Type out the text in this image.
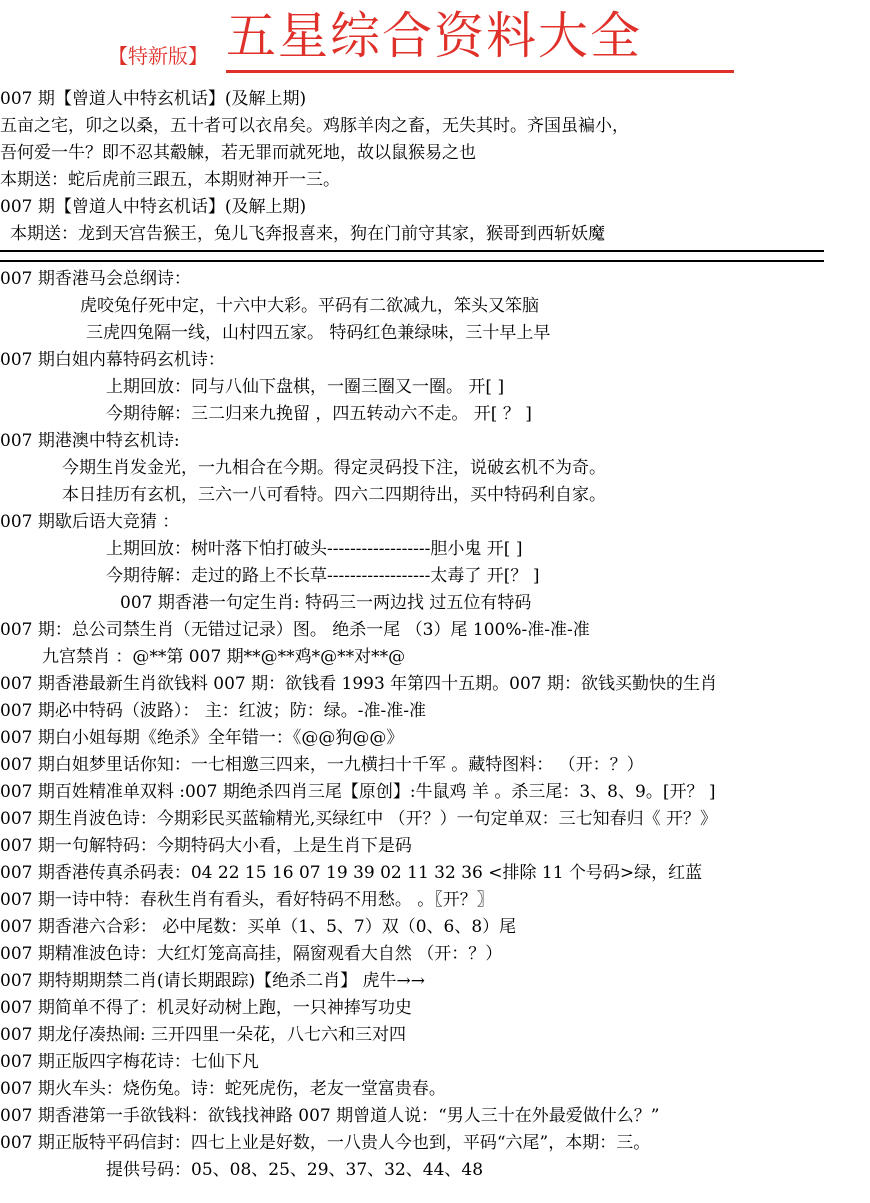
【特新版】 五星综合资料大全
007 期【曾道人中特玄机话】(及解上期)
五亩之宅，卯之以桑，五十者可以衣帛矣。鸡豚羊肉之畜，无失其时。齐国虽褊小，
吾何爱一牛？即不忍其觳觫，若无罪而就死地，故以鼠猴易之也
本期送：蛇后虎前三跟五，本期财神开一三。
007 期【曾道人中特玄机话】(及解上期)
本期送：龙到天宫告猴王，兔儿飞奔报喜来，狗在门前守其家，猴哥到西斩妖魔
007 期香港马会总纲诗：
虎咬兔仔死中定，十六中大彩。平码有二欲减九，笨头又笨脑
三虎四兔隔一线，山村四五家。 特码红色兼绿味，三十早上早
007 期白姐内幕特码玄机诗：
上期回放：同与八仙下盘棋，一圈三圈又一圈。 开[ ]
今期待解：三二归来九挽留 ，四五转动六不走。 开[ ？ ]
007 期港澳中特玄机诗:
今期生肖发金光，一九相合在今期。得定灵码投下注，说破玄机不为奇。
本日挂历有玄机，三六一八可看特。四六二四期待出，买中特码利自家。
007 期歇后语大竞猜 ：
上期回放：树叶落下怕打破头------------------胆小鬼 开[ ]
今期待解：走过的路上不长草------------------太毒了 开[？ ]
007 期香港一句定生肖: 特码三一两边找 过五位有特码
007 期：总公司禁生肖（无错过记录）图。 绝杀一尾 （3）尾 100%-准-准-准
九宫禁肖 ：@**第 007 期**@**鸡*@**对**@
007 期香港最新生肖欲钱料 007 期：欲钱看 1993 年第四十五期。007 期：欲钱买勤快的生肖
007 期必中特码（波路）： 主：红波；防：绿。-准-准-准
007 期白小姐每期《绝杀》全年错一：《@@狗@@》
007 期白姐梦里话你知：一七相邀三四来，一九横扫十千军 。藏特图料： （开：？）
007 期百姓精准单双料 :007 期绝杀四肖三尾【原创】:牛鼠鸡 羊 。杀三尾：3、8、9。[开？ ]
007 期生肖波色诗：今期彩民买蓝输精光,买绿红中 （开？）一句定单双：三七知春归《 开？》
007 期一句解特码：今期特码大小看，上是生肖下是码
007 期香港传真杀码表：04 22 15 16 07 19 39 02 11 32 36 <排除 11 个号码>绿，红蓝
007 期一诗中特：春秋生肖有看头，看好特码不用愁。 。〖开？〗
007 期香港六合彩： 必中尾数：买单（1、5、7）双（0、6、8）尾
007 期精准波色诗：大红灯笼高高挂，隔窗观看大自然 （开：？）
007 期特期期禁二肖(请长期跟踪)【绝杀二肖】 虎牛→→
007 期简单不得了：机灵好动树上跑，一只神捧写功史
007 期龙仔凑热闹: 三开四里一朵花，八七六和三对四
007 期正版四字梅花诗：七仙下凡
007 期火车头：烧伤兔。诗：蛇死虎伤，老友一堂富贵春。
007 期香港第一手欲钱料：欲钱找神路 007 期曾道人说：“男人三十在外最爱做什么？”
007 期正版特平码信封：四七上业是好数，一八贵人今也到，平码“六尾”，本期：三。
提供号码：05、08、25、29、37、32、44、48
